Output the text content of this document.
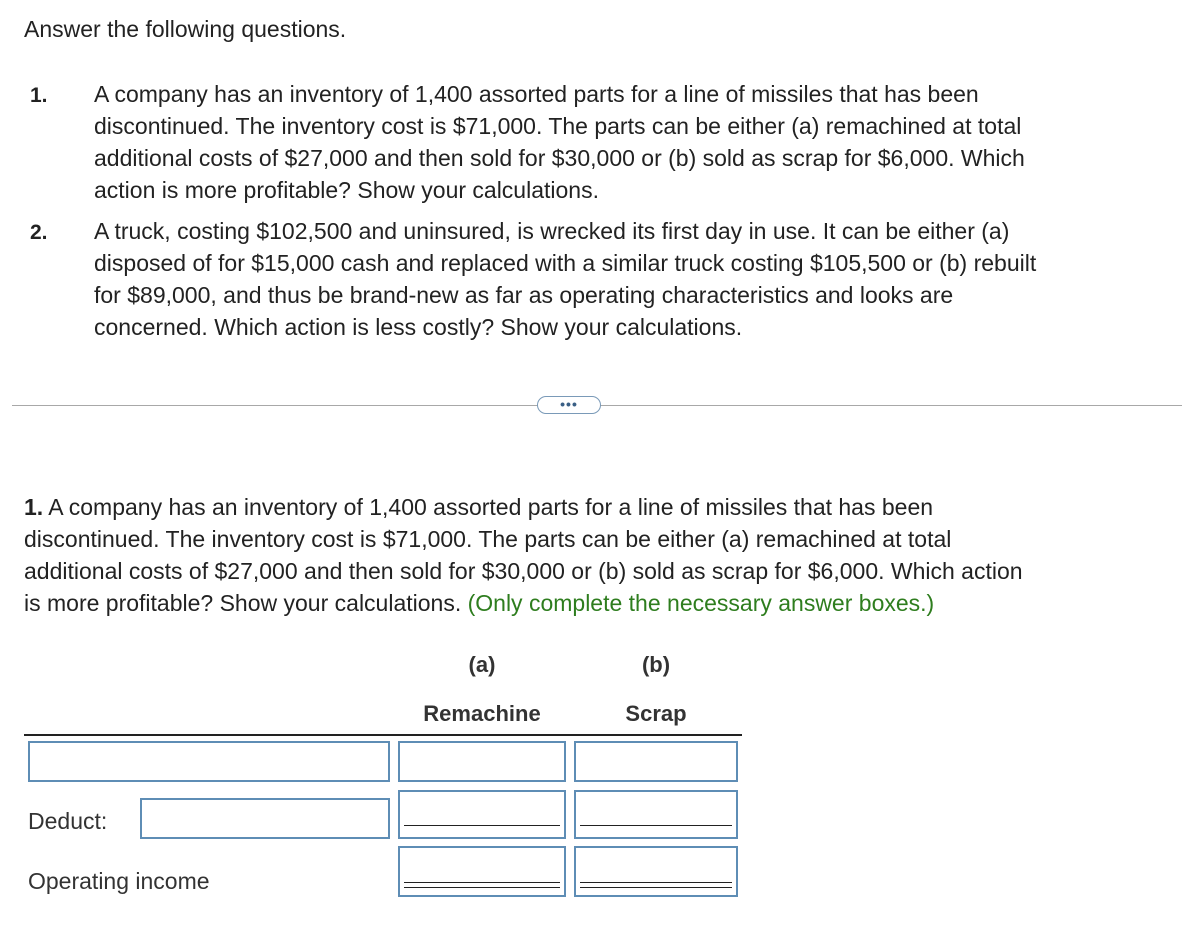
Answer the following questions.
1. A company has an inventory of 1,400 assorted parts for a line of missiles that has been
discontinued. The inventory cost is $71,000. The parts can be either (a) remachined at total
additional costs of $27,000 and then sold for $30,000 or (b) sold as scrap for $6,000. Which
action is more profitable? Show your calculations.
2. A truck, costing $102,500 and uninsured, is wrecked its first day in use. It can be either (a)
disposed of for $15,000 cash and replaced with a similar truck costing $105,500 or (b) rebuilt
for $89,000, and thus be brand-new as far as operating characteristics and looks are
concerned. Which action is less costly? Show your calculations.
•••
1. A company has an inventory of 1,400 assorted parts for a line of missiles that has been
discontinued. The inventory cost is $71,000. The parts can be either (a) remachined at total
additional costs of $27,000 and then sold for $30,000 or (b) sold as scrap for $6,000. Which action
is more profitable? Show your calculations. (Only complete the necessary answer boxes.)
(a)
Remachine
(b)
Scrap
Deduct:
Operating income
